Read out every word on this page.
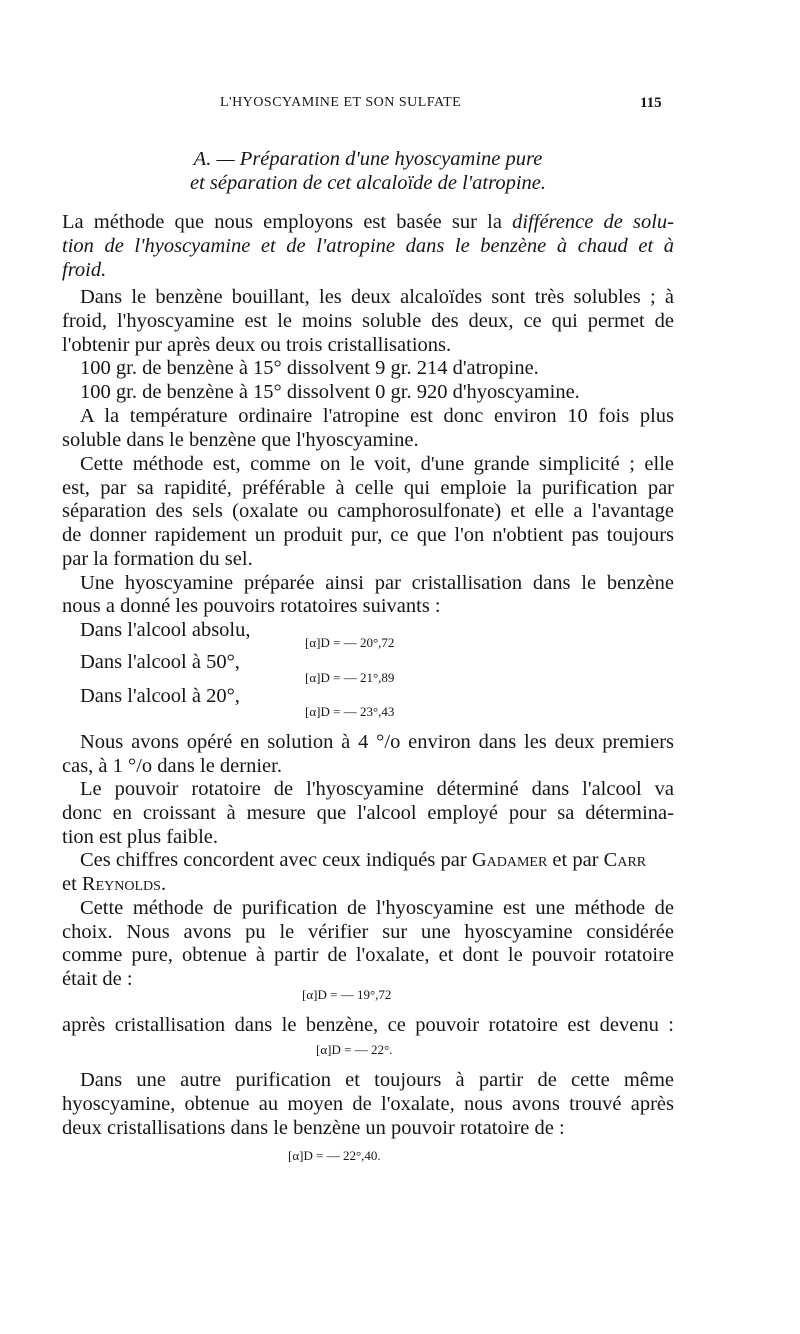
L'HYOSCYAMINE ET SON SULFATE	115
A. — Préparation d'une hyoscyamine pure
et séparation de cet alcaloïde de l'atropine.
La méthode que nous employons est basée sur la différence de solu-
tion de l'hyoscyamine et de l'atropine dans le benzène à chaud et à
froid.
Dans le benzène bouillant, les deux alcaloïdes sont très solubles ; à
froid, l'hyoscyamine est le moins soluble des deux, ce qui permet de
l'obtenir pur après deux ou trois cristallisations.
100 gr. de benzène à 15° dissolvent 9 gr. 214 d'atropine.
100 gr. de benzène à 15° dissolvent 0 gr. 920 d'hyoscyamine.
A la température ordinaire l'atropine est donc environ 10 fois plus
soluble dans le benzène que l'hyoscyamine.
Cette méthode est, comme on le voit, d'une grande simplicité ; elle
est, par sa rapidité, préférable à celle qui emploie la purification par
séparation des sels (oxalate ou camphorosulfonate) et elle a l'avantage
de donner rapidement un produit pur, ce que l'on n'obtient pas toujours
par la formation du sel.
Une hyoscyamine préparée ainsi par cristallisation dans le benzène
nous a donné les pouvoirs rotatoires suivants :
Dans l'alcool absolu,
[α]D = — 20°,72
Dans l'alcool à 50°,
[α]D = — 21°,89
Dans l'alcool à 20°,
[α]D = — 23°,43
Nous avons opéré en solution à 4 °/o environ dans les deux premiers
cas, à 1 °/o dans le dernier.
Le pouvoir rotatoire de l'hyoscyamine déterminé dans l'alcool va
donc en croissant à mesure que l'alcool employé pour sa détermina-
tion est plus faible.
Ces chiffres concordent avec ceux indiqués par Gadamer et par Carr
et Reynolds.
Cette méthode de purification de l'hyoscyamine est une méthode de
choix. Nous avons pu le vérifier sur une hyoscyamine considérée
comme pure, obtenue à partir de l'oxalate, et dont le pouvoir rotatoire
était de :
[α]D = — 19°,72
après cristallisation dans le benzène, ce pouvoir rotatoire est devenu :
[α]D = — 22°.
Dans une autre purification et toujours à partir de cette même
hyoscyamine, obtenue au moyen de l'oxalate, nous avons trouvé après
deux cristallisations dans le benzène un pouvoir rotatoire de :
[α]D = — 22°,40.
